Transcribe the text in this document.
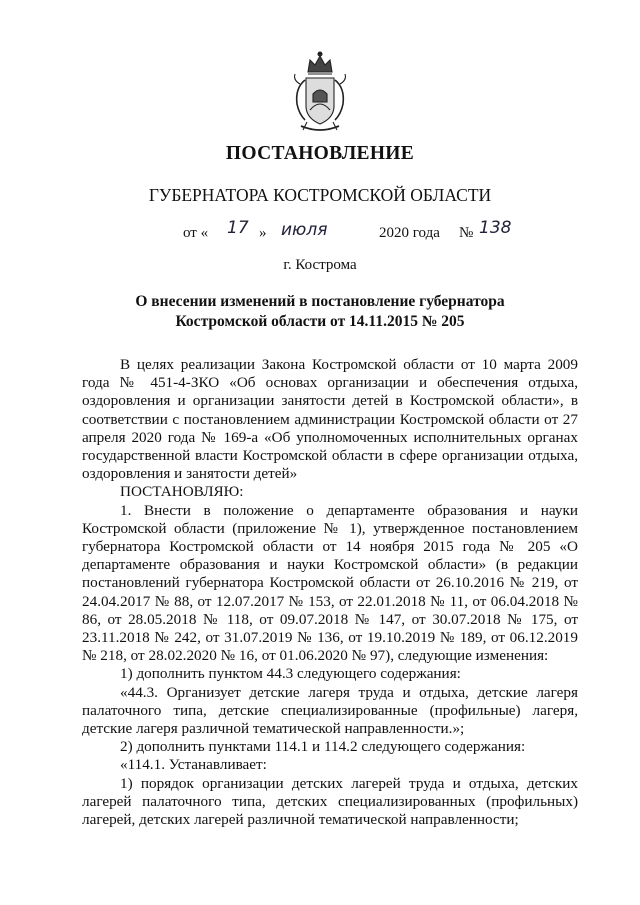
ПОСТАНОВЛЕНИЕ
ГУБЕРНАТОРА КОСТРОМСКОЙ ОБЛАСТИ
от « 17 » июля	2020 года № 138
г. Кострома
О внесении изменений в постановление губернатора
Костромской области от 14.11.2015 № 205

В целях реализации Закона Костромской области от 10 марта 2009 года № 451-4-ЗКО «Об основах организации и обеспечения отдыха, оздоровления и организации занятости детей в Костромской области», в соответствии с постановлением администрации Костромской области от 27 апреля 2020 года № 169-а «Об уполномоченных исполнительных органах государственной власти Костромской области в сфере организации отдыха, оздоровления и занятости детей»

ПОСТАНОВЛЯЮ:

1. Внести в положение о департаменте образования и науки Костромской области (приложение № 1), утвержденное постановлением губернатора Костромской области от 14 ноября 2015 года № 205 «О департаменте образования и науки Костромской области» (в редакции постановлений губернатора Костромской области от 26.10.2016 № 219, от 24.04.2017 № 88, от 12.07.2017 № 153, от 22.01.2018 № 11, от 06.04.2018 № 86, от 28.05.2018 № 118, от 09.07.2018 № 147, от 30.07.2018 № 175, от 23.11.2018 № 242, от 31.07.2019 № 136, от 19.10.2019 № 189, от 06.12.2019 № 218, от 28.02.2020 № 16, от 01.06.2020 № 97), следующие изменения:

1) дополнить пунктом 44.3 следующего содержания:

«44.3. Организует детские лагеря труда и отдыха, детские лагеря палаточного типа, детские специализированные (профильные) лагеря, детские лагеря различной тематической направленности.»;

2) дополнить пунктами 114.1 и 114.2 следующего содержания:

«114.1. Устанавливает:

1) порядок организации детских лагерей труда и отдыха, детских лагерей палаточного типа, детских специализированных (профильных) лагерей, детских лагерей различной тематической направленности;
